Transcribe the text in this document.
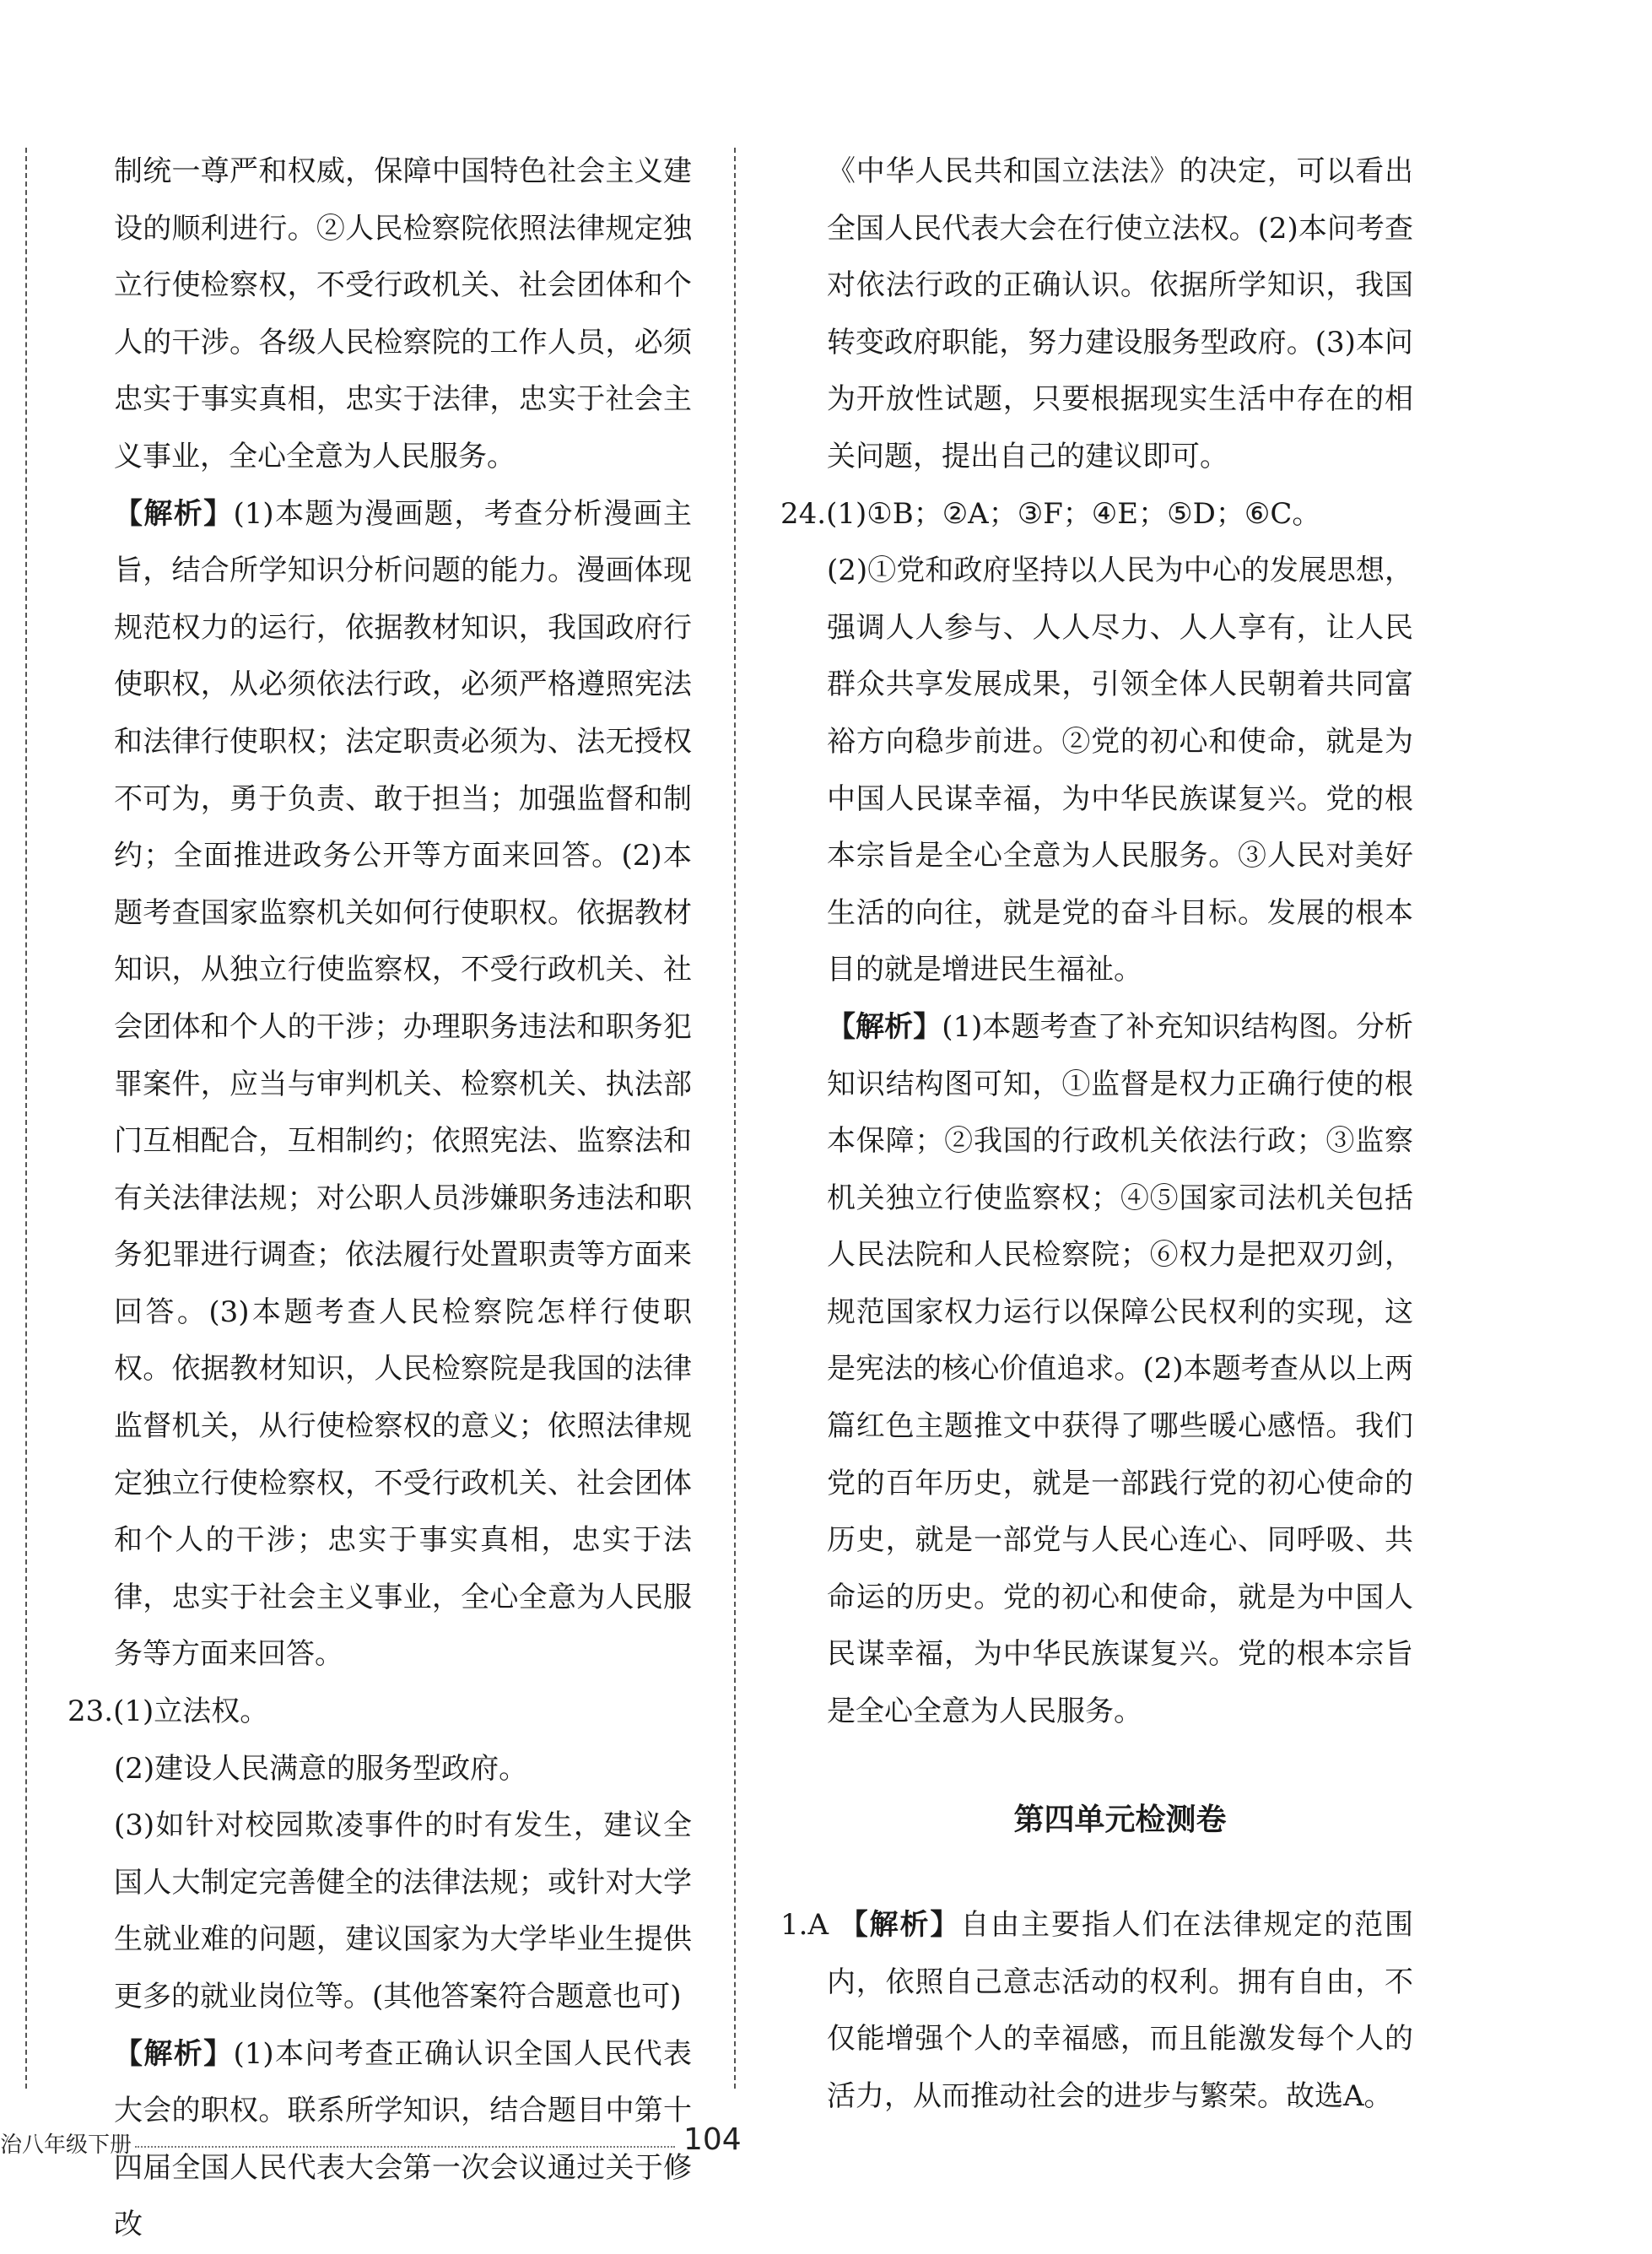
制统一尊严和权威，保障中国特色社会主义建设的顺利进行。②人民检察院依照法律规定独立行使检察权，不受行政机关、社会团体和个人的干涉。各级人民检察院的工作人员，必须忠实于事实真相，忠实于法律，忠实于社会主义事业，全心全意为人民服务。

【解析】(1)本题为漫画题，考查分析漫画主旨，结合所学知识分析问题的能力。漫画体现规范权力的运行，依据教材知识，我国政府行使职权，从必须依法行政，必须严格遵照宪法和法律行使职权；法定职责必须为、法无授权不可为，勇于负责、敢于担当；加强监督和制约；全面推进政务公开等方面来回答。(2)本题考查国家监察机关如何行使职权。依据教材知识，从独立行使监察权，不受行政机关、社会团体和个人的干涉；办理职务违法和职务犯罪案件，应当与审判机关、检察机关、执法部门互相配合，互相制约；依照宪法、监察法和有关法律法规；对公职人员涉嫌职务违法和职务犯罪进行调查；依法履行处置职责等方面来回答。(3)本题考查人民检察院怎样行使职权。依据教材知识，人民检察院是我国的法律监督机关，从行使检察权的意义；依照法律规定独立行使检察权，不受行政机关、社会团体和个人的干涉；忠实于事实真相，忠实于法律，忠实于社会主义事业，全心全意为人民服务等方面来回答。

23.(1)立法权。

(2)建设人民满意的服务型政府。

(3)如针对校园欺凌事件的时有发生，建议全国人大制定完善健全的法律法规；或针对大学生就业难的问题，建议国家为大学毕业生提供更多的就业岗位等。(其他答案符合题意也可)

【解析】(1)本问考查正确认识全国人民代表大会的职权。联系所学知识，结合题目中第十四届全国人民代表大会第一次会议通过关于修改

《中华人民共和国立法法》的决定，可以看出全国人民代表大会在行使立法权。(2)本问考查对依法行政的正确认识。依据所学知识，我国转变政府职能，努力建设服务型政府。(3)本问为开放性试题，只要根据现实生活中存在的相关问题，提出自己的建议即可。

24.(1)①B；②A；③F；④E；⑤D；⑥C。

(2)①党和政府坚持以人民为中心的发展思想，强调人人参与、人人尽力、人人享有，让人民群众共享发展成果，引领全体人民朝着共同富裕方向稳步前进。②党的初心和使命，就是为中国人民谋幸福，为中华民族谋复兴。党的根本宗旨是全心全意为人民服务。③人民对美好生活的向往，就是党的奋斗目标。发展的根本目的就是增进民生福祉。

【解析】(1)本题考查了补充知识结构图。分析知识结构图可知，①监督是权力正确行使的根本保障；②我国的行政机关依法行政；③监察机关独立行使监察权；④⑤国家司法机关包括人民法院和人民检察院；⑥权力是把双刃剑，规范国家权力运行以保障公民权利的实现，这是宪法的核心价值追求。(2)本题考查从以上两篇红色主题推文中获得了哪些暖心感悟。我们党的百年历史，就是一部践行党的初心使命的历史，就是一部党与人民心连心、同呼吸、共命运的历史。党的初心和使命，就是为中国人民谋幸福，为中华民族谋复兴。党的根本宗旨是全心全意为人民服务。

第四单元检测卷

1.A 【解析】自由主要指人们在法律规定的范围内，依照自己意志活动的权利。拥有自由，不仅能增强个人的幸福感，而且能激发每个人的活力，从而推动社会的进步与繁荣。故选A。

治八年级下册	104
